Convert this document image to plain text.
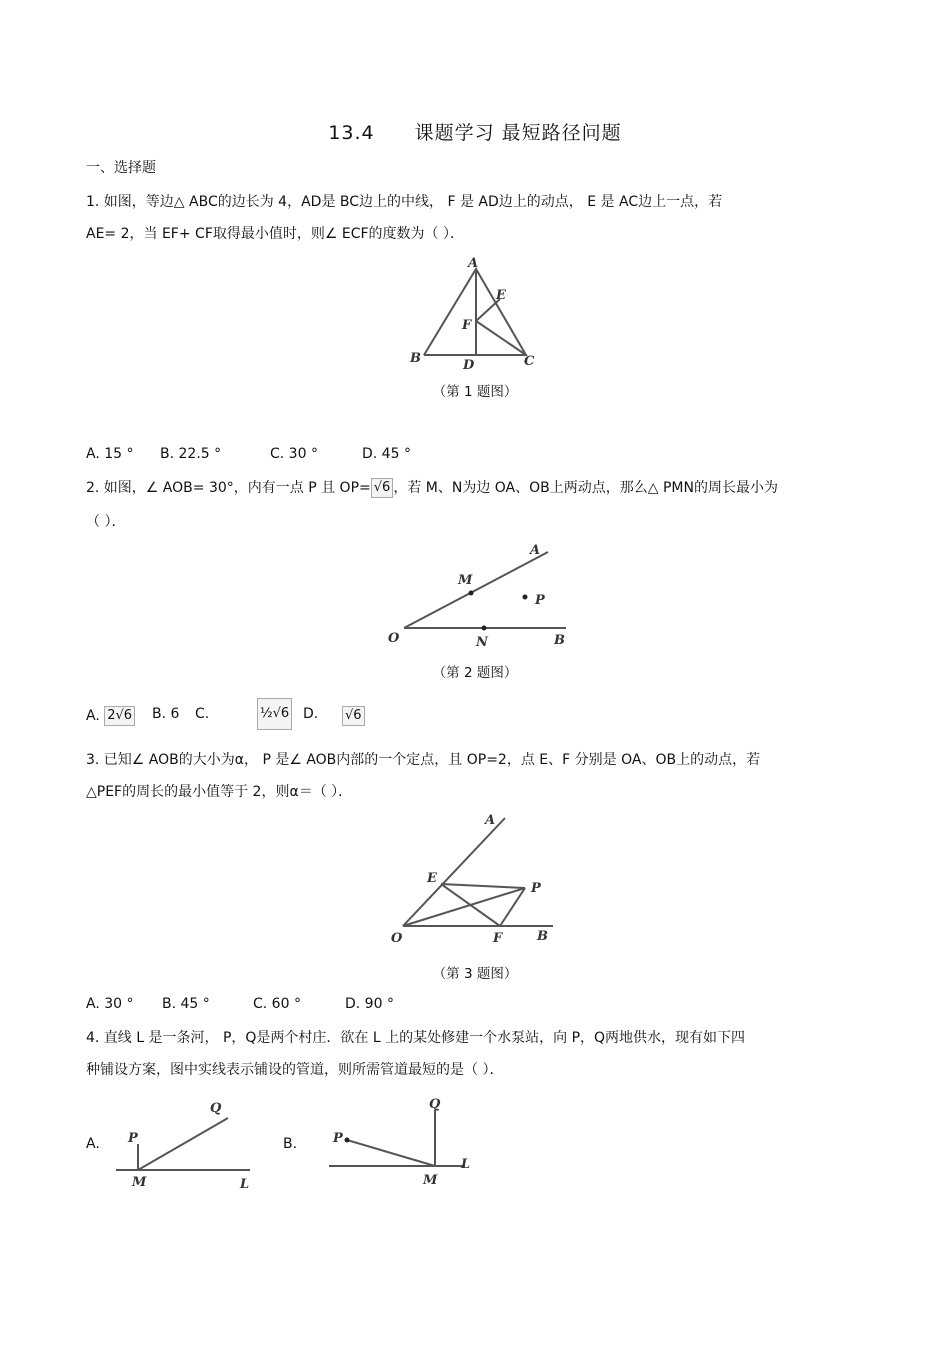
13.4　　课题学习 最短路径问题
一、选择题
1. 如图，等边△ ABC的边长为 4，AD是 BC边上的中线， F 是 AD边上的动点， E 是 AC边上一点，若
AE= 2，当 EF+ CF取得最小值时，则∠ ECF的度数为（ ）．
A
B	C
D
E
F
（第 1 题图）
A. 15 ° B. 22.5 °	C. 30 °	D. 45 °
2. 如图，∠ AOB= 30°，内有一点 P 且 OP= √6 ，若 M、N为边 OA、OB上两动点，那么△ PMN的周长最小为
（ ）．
A
M
P
O	N	B
（第 2 题图）
A. 2√6 B. 6 C.	½√6 D. √6
3. 已知∠ AOB的大小为α， P 是∠ AOB内部的一个定点，且 OP=2，点 E、F 分别是 OA、OB上的动点，若
△PEF的周长的最小值等于 2，则α＝（ ）．
A
E
P
O	F	B
（第 3 题图）
A. 30 ° B. 45 °	C. 60 °	D. 90 °
4. 直线 L 是一条河， P，Q是两个村庄．欲在 L 上的某处修建一个水泵站，向 P，Q两地供水，现有如下四
种铺设方案，图中实线表示铺设的管道，则所需管道最短的是（ ）．
A. P
Q
M	L
B.	P
Q
M
L
